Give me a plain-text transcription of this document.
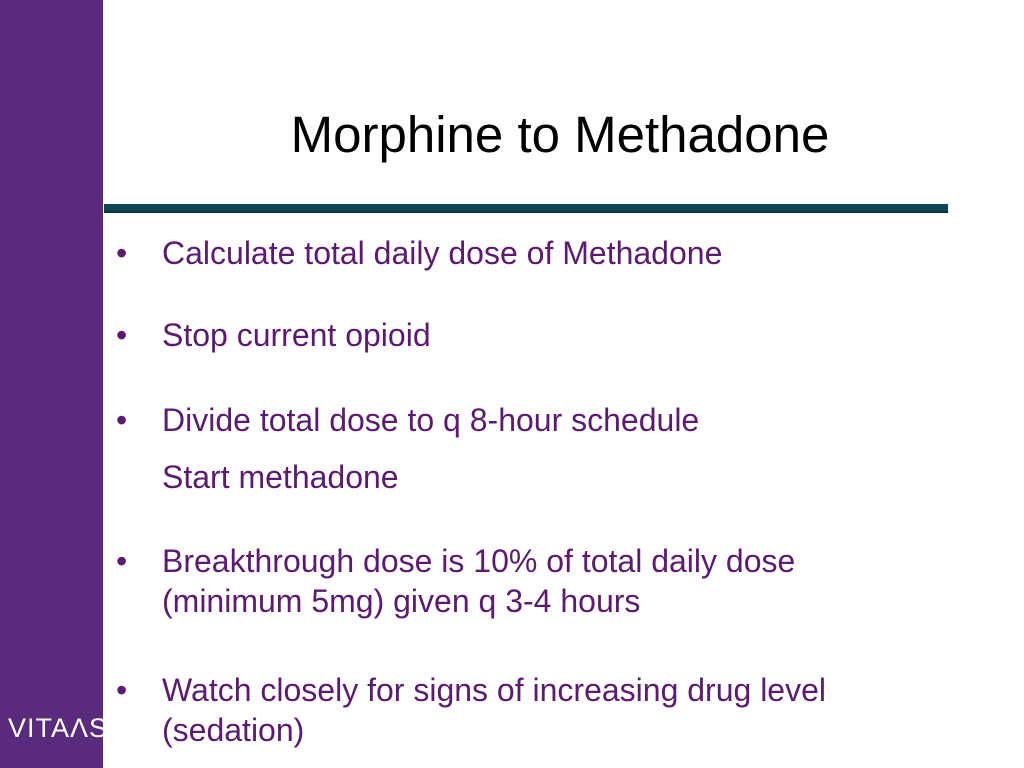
VITAΛS®
Morphine to Methadone
•	Calculate total daily dose of Methadone
•	Stop current opioid
•	Divide total dose to q 8-hour schedule
Start methadone
•	Breakthrough dose is 10% of total daily dose
(minimum 5mg) given q 3-4 hours
•	Watch closely for signs of increasing drug level
(sedation)
